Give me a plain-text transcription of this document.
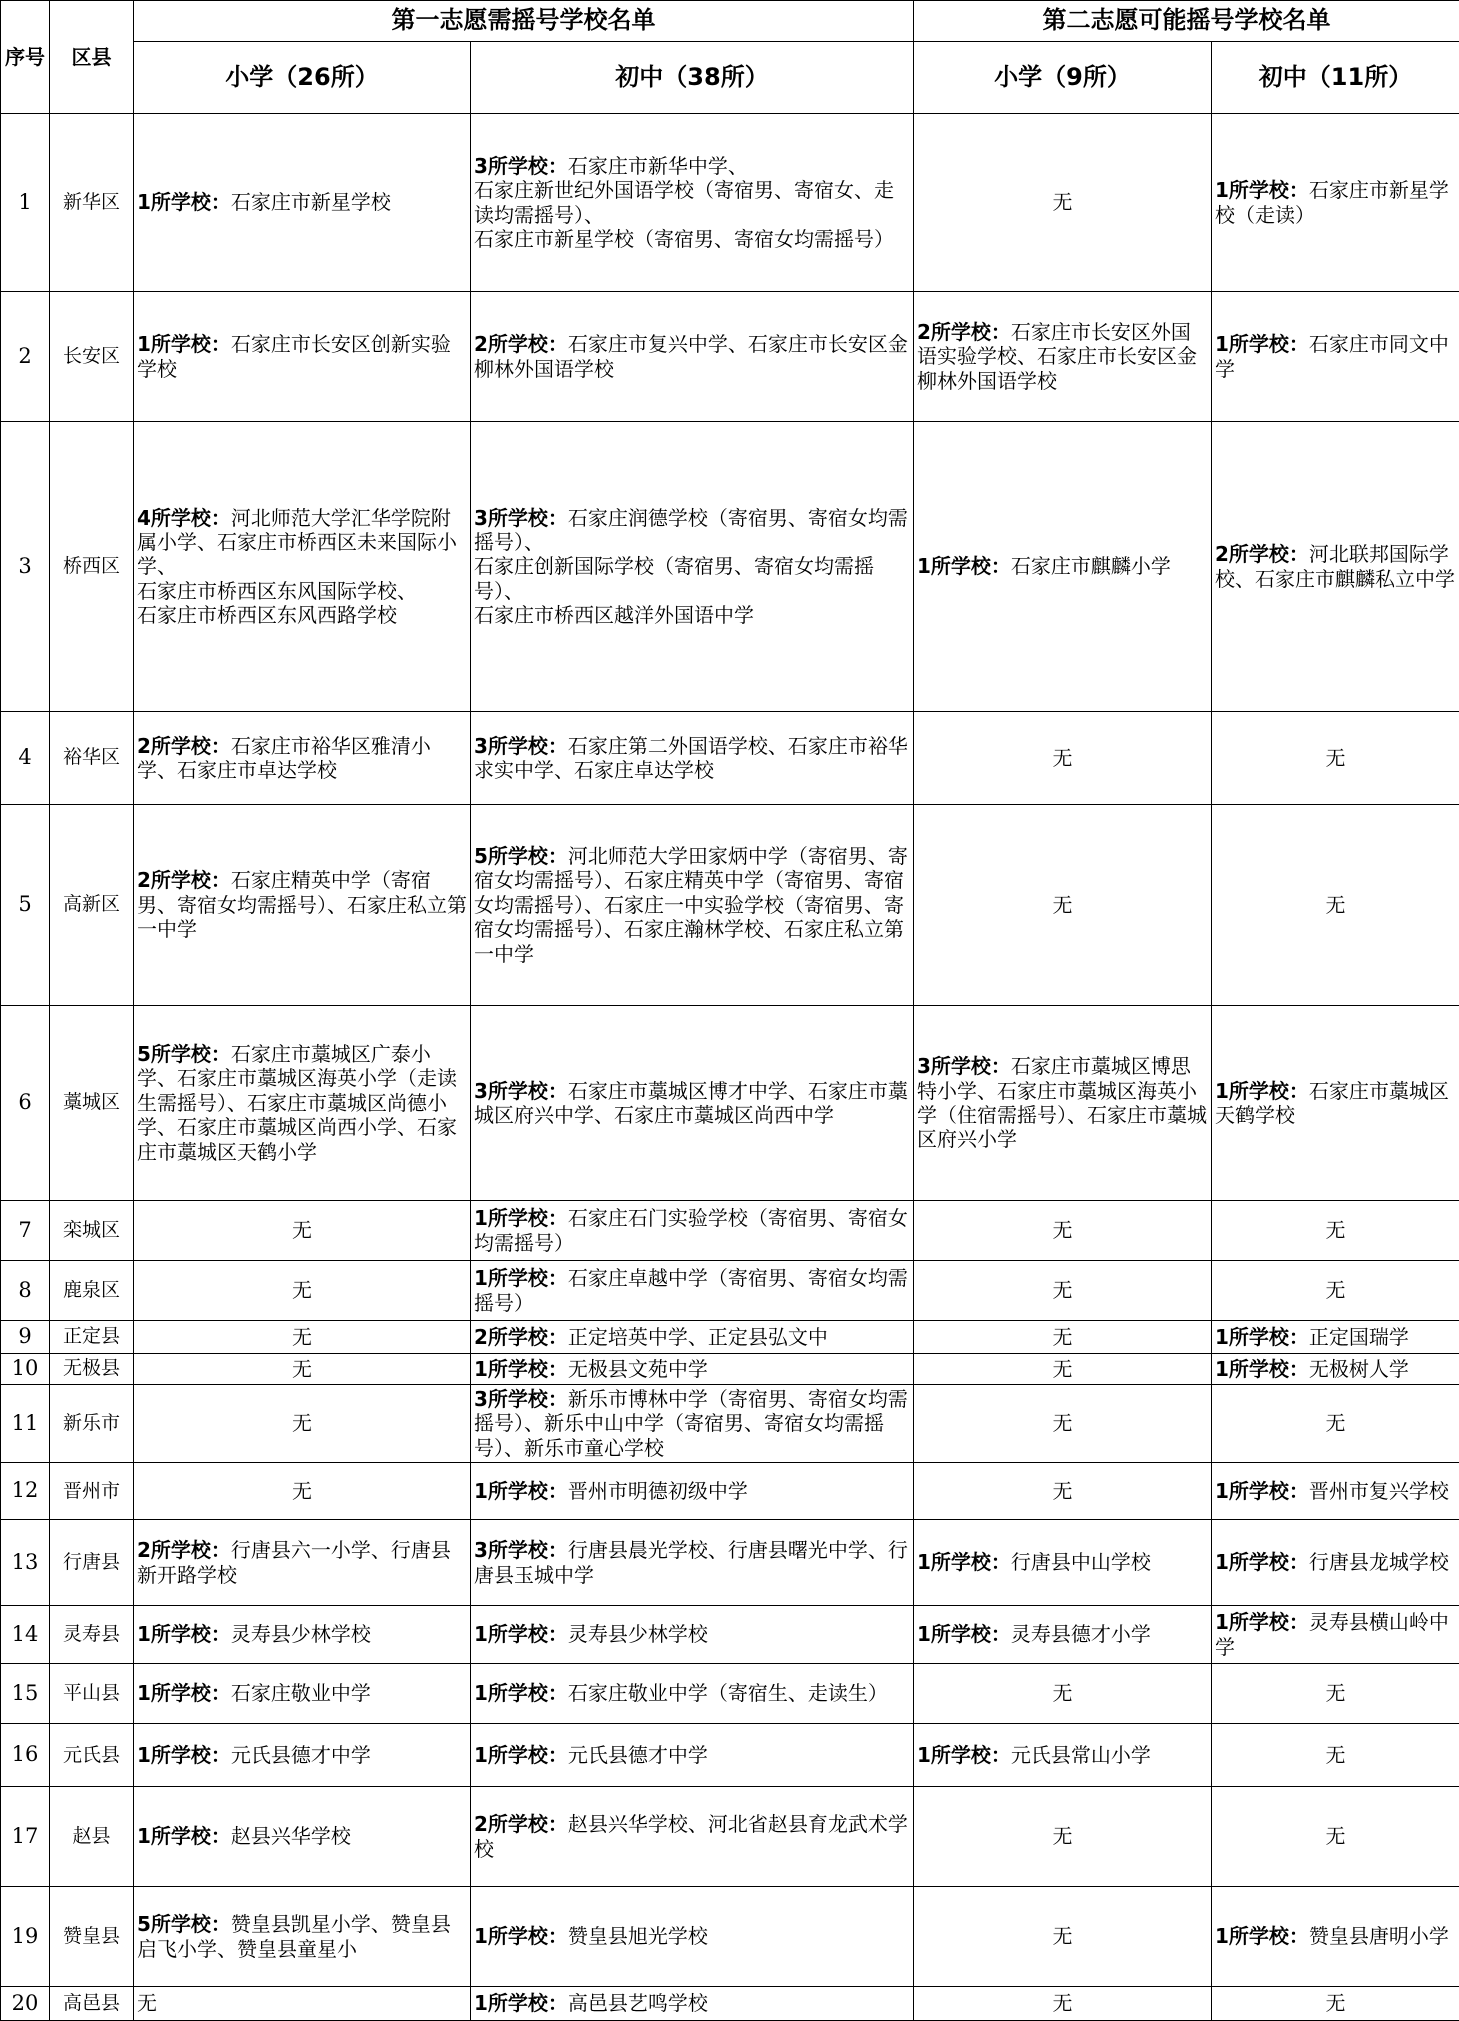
序号	区县	第一志愿需摇号学校名单		第二志愿可能摇号学校名单	
		小学（26所）	初中（38所）	小学（9所）	初中（11所）
1	新华区	1所学校：石家庄市新星学校	3所学校：石家庄市新华中学、
石家庄新世纪外国语学校（寄宿男、寄宿女、走读均需摇号）、
石家庄市新星学校（寄宿男、寄宿女均需摇号）	无	1所学校：石家庄市新星学校（走读）
2	长安区	1所学校：石家庄市长安区创新实验学校	2所学校：石家庄市复兴中学、石家庄市长安区金柳林外国语学校	2所学校：石家庄市长安区外国语实验学校、石家庄市长安区金柳林外国语学校	1所学校：石家庄市同文中学
3	桥西区	4所学校：河北师范大学汇华学院附属小学、石家庄市桥西区未来国际小学、
石家庄市桥西区东风国际学校、
石家庄市桥西区东风西路学校	3所学校：石家庄润德学校（寄宿男、寄宿女均需摇号）、
石家庄创新国际学校（寄宿男、寄宿女均需摇号）、
石家庄市桥西区越洋外国语中学	1所学校：石家庄市麒麟小学	2所学校：河北联邦国际学校、石家庄市麒麟私立中学
4	裕华区	2所学校：石家庄市裕华区雅清小学、石家庄市卓达学校	3所学校：石家庄第二外国语学校、石家庄市裕华求实中学、石家庄卓达学校	无	无
5	高新区	2所学校：石家庄精英中学（寄宿男、寄宿女均需摇号）、石家庄私立第一中学	5所学校：河北师范大学田家炳中学（寄宿男、寄宿女均需摇号）、石家庄精英中学（寄宿男、寄宿女均需摇号）、石家庄一中实验学校（寄宿男、寄宿女均需摇号）、石家庄瀚林学校、石家庄私立第一中学	无	无
6	藁城区	5所学校：石家庄市藁城区广泰小学、石家庄市藁城区海英小学（走读生需摇号）、石家庄市藁城区尚德小学、石家庄市藁城区尚西小学、石家庄市藁城区天鹤小学	3所学校：石家庄市藁城区博才中学、石家庄市藁城区府兴中学、石家庄市藁城区尚西中学	3所学校：石家庄市藁城区博思特小学、石家庄市藁城区海英小学（住宿需摇号）、石家庄市藁城区府兴小学	1所学校：石家庄市藁城区天鹤学校
7	栾城区	无	1所学校：石家庄石门实验学校（寄宿男、寄宿女均需摇号）	无	无
8	鹿泉区	无	1所学校：石家庄卓越中学（寄宿男、寄宿女均需摇号）	无	无
9	正定县	无	2所学校：正定培英中学、正定县弘文中	无	1所学校：正定国瑞学
10	无极县	无	1所学校：无极县文苑中学	无	1所学校：无极树人学
11	新乐市	无	3所学校：新乐市博林中学（寄宿男、寄宿女均需摇号）、新乐中山中学（寄宿男、寄宿女均需摇号）、新乐市童心学校	无	无
12	晋州市	无	1所学校：晋州市明德初级中学	无	1所学校：晋州市复兴学校
13	行唐县	2所学校：行唐县六一小学、行唐县新开路学校	3所学校：行唐县晨光学校、行唐县曙光中学、行唐县玉城中学	1所学校：行唐县中山学校	1所学校：行唐县龙城学校
14	灵寿县	1所学校：灵寿县少林学校	1所学校：灵寿县少林学校	1所学校：灵寿县德才小学	1所学校：灵寿县横山岭中学
15	平山县	1所学校：石家庄敬业中学	1所学校：石家庄敬业中学（寄宿生、走读生）	无	无
16	元氏县	1所学校：元氏县德才中学	1所学校：元氏县德才中学	1所学校：元氏县常山小学	无
17	赵县	1所学校：赵县兴华学校	2所学校：赵县兴华学校、河北省赵县育龙武术学校	无	无
19	赞皇县	5所学校：赞皇县凯星小学、赞皇县启飞小学、赞皇县童星小	1所学校：赞皇县旭光学校	无	1所学校：赞皇县唐明小学
20	高邑县	无	1所学校：高邑县艺鸣学校	无	无
